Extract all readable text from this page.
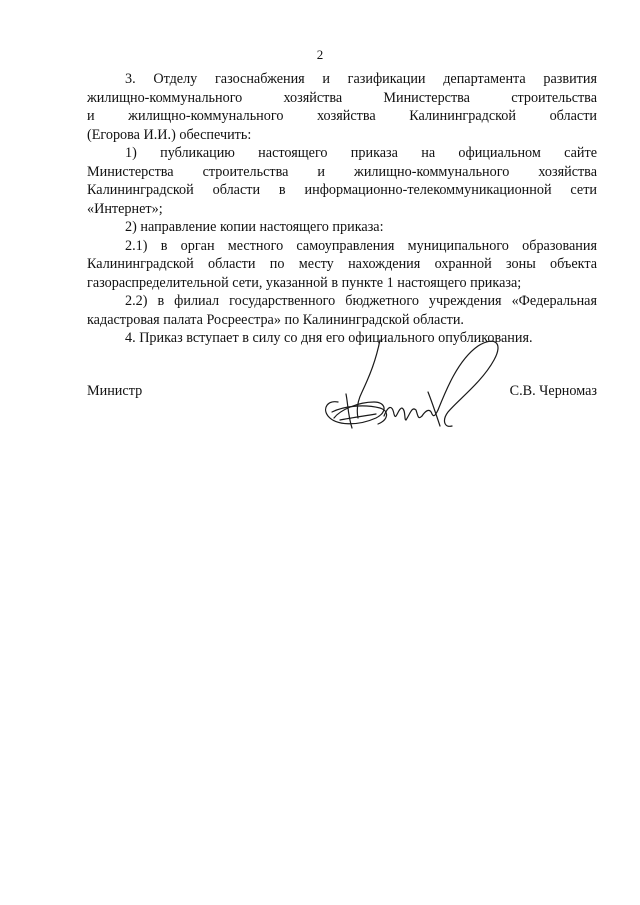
2

3. Отделу газоснабжения и газификации департамента развития

жилищно-коммунального хозяйства Министерства строительства

и жилищно-коммунального хозяйства Калининградской области

(Егорова И.И.) обеспечить:

1) публикацию настоящего приказа на официальном сайте

Министерства строительства и жилищно-коммунального хозяйства

Калининградской области в информационно-телекоммуникационной сети

«Интернет»;

2) направление копии настоящего приказа:

2.1) в орган местного самоуправления муниципального образования

Калининградской области по месту нахождения охранной зоны объекта

газораспределительной сети, указанной в пункте 1 настоящего приказа;

2.2) в филиал государственного бюджетного учреждения «Федеральная

кадастровая палата Росреестра» по Калининградской области.

4. Приказ вступает в силу со дня его официального опубликования.

Министр	С.В. Черномаз
